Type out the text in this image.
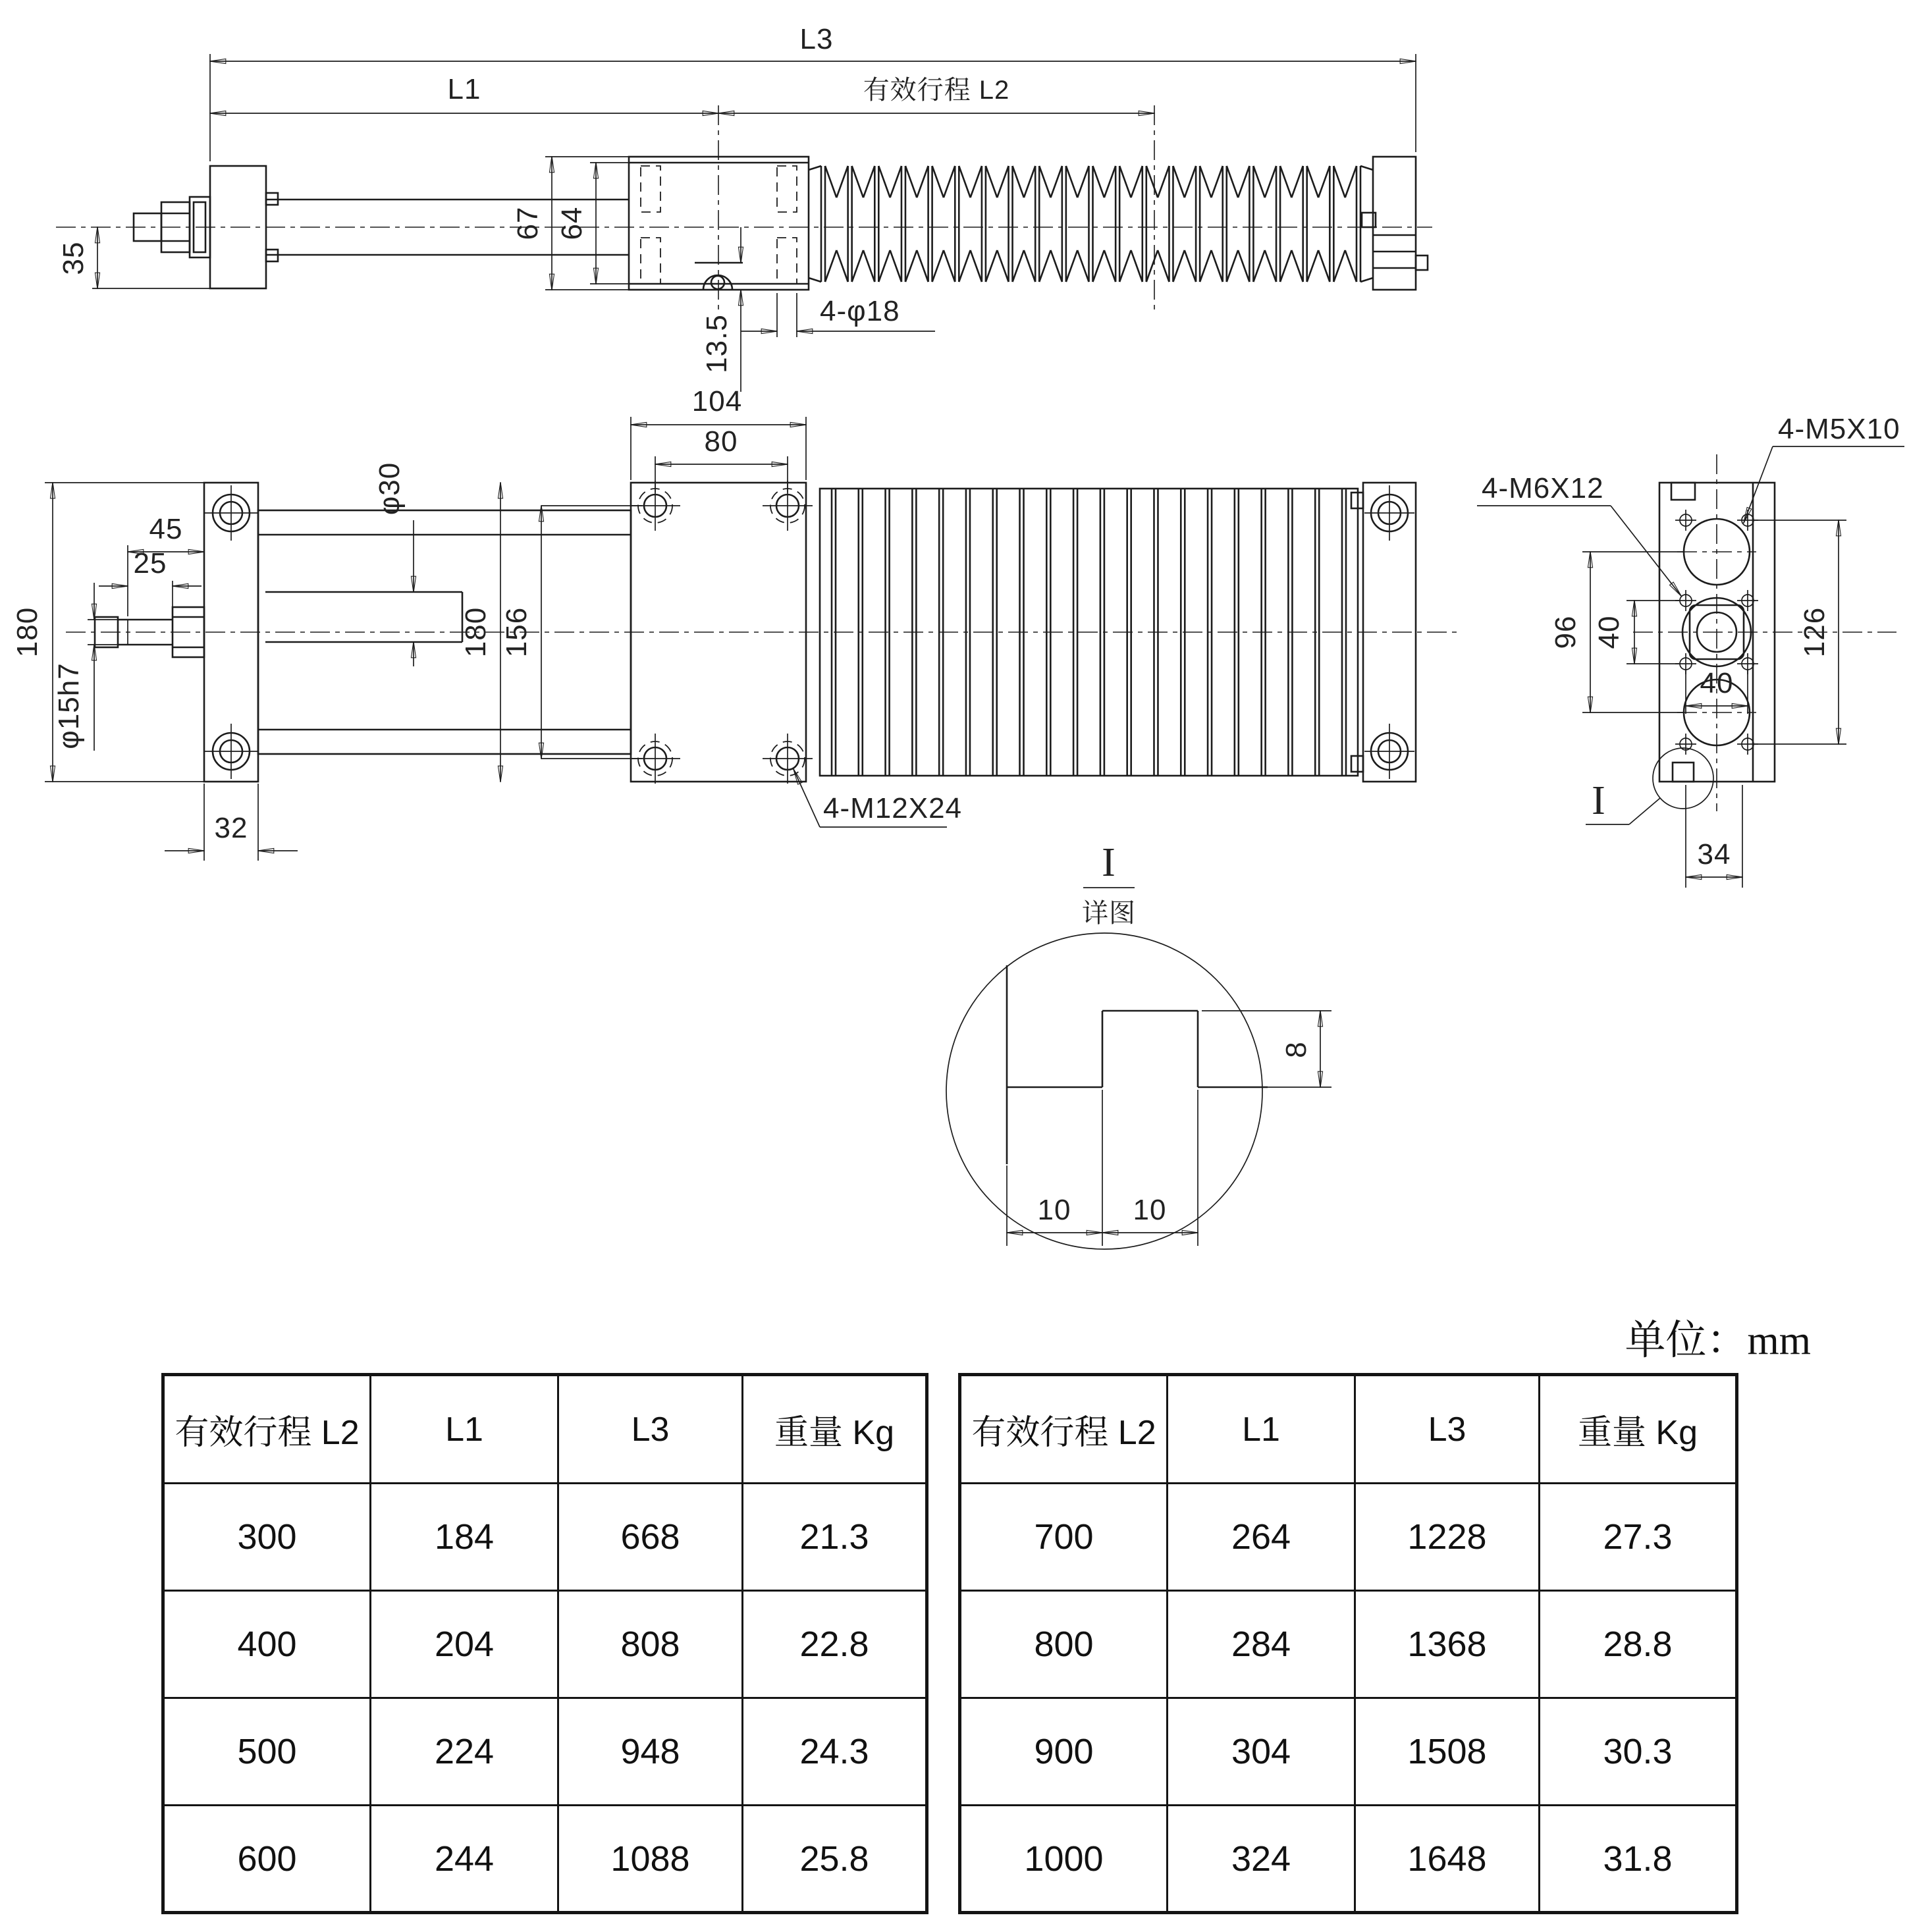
L3
L1	有效行程 L2
35
67 64
13.5
4-φ18
45
25
φ15h7
180
32
φ30
104
80
180 156
4-M12X24
96 40	126
40
34
4-M5X10
4-M6X12
I
I
详图
8
10 10
单位：mm
有效行程 L2	L1	L3	重量 Kg
300	184	668	21.3
400	204	808	22.8
500	224	948	24.3
600	244	1088	25.8
有效行程 L2	L1	L3	重量 Kg
700	264	1228	27.3
800	284	1368	28.8
900	304	1508	30.3
1000	324	1648	31.8
